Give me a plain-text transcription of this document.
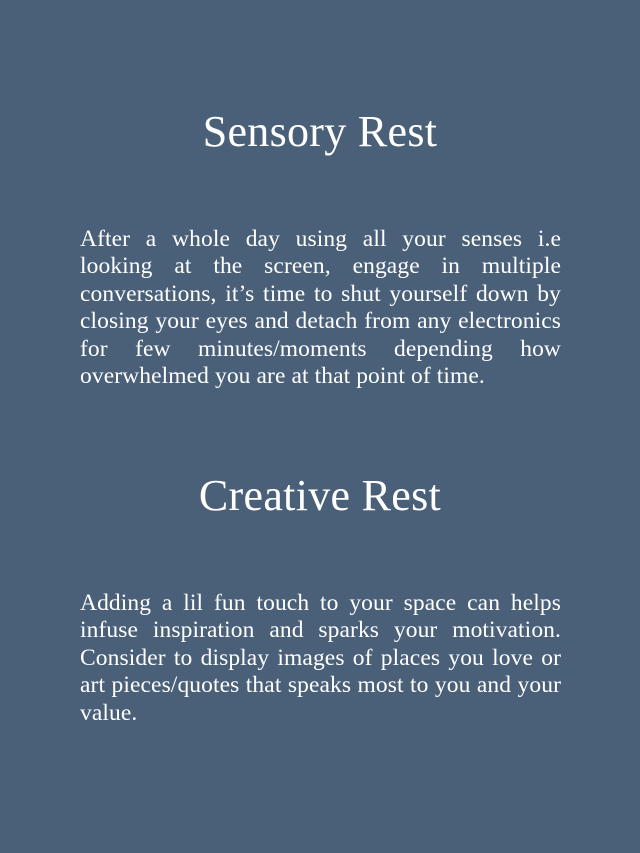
Sensory Rest

After a whole day using all your senses i.e looking at the screen, engage in multiple conversations, it’s time to shut yourself down by closing your eyes and detach from any electronics for few minutes/moments depending how overwhelmed you are at that point of time.

Creative Rest

Adding a lil fun touch to your space can helps infuse inspiration and sparks your motivation. Consider to display images of places you love or art pieces/quotes that speaks most to you and your value.
